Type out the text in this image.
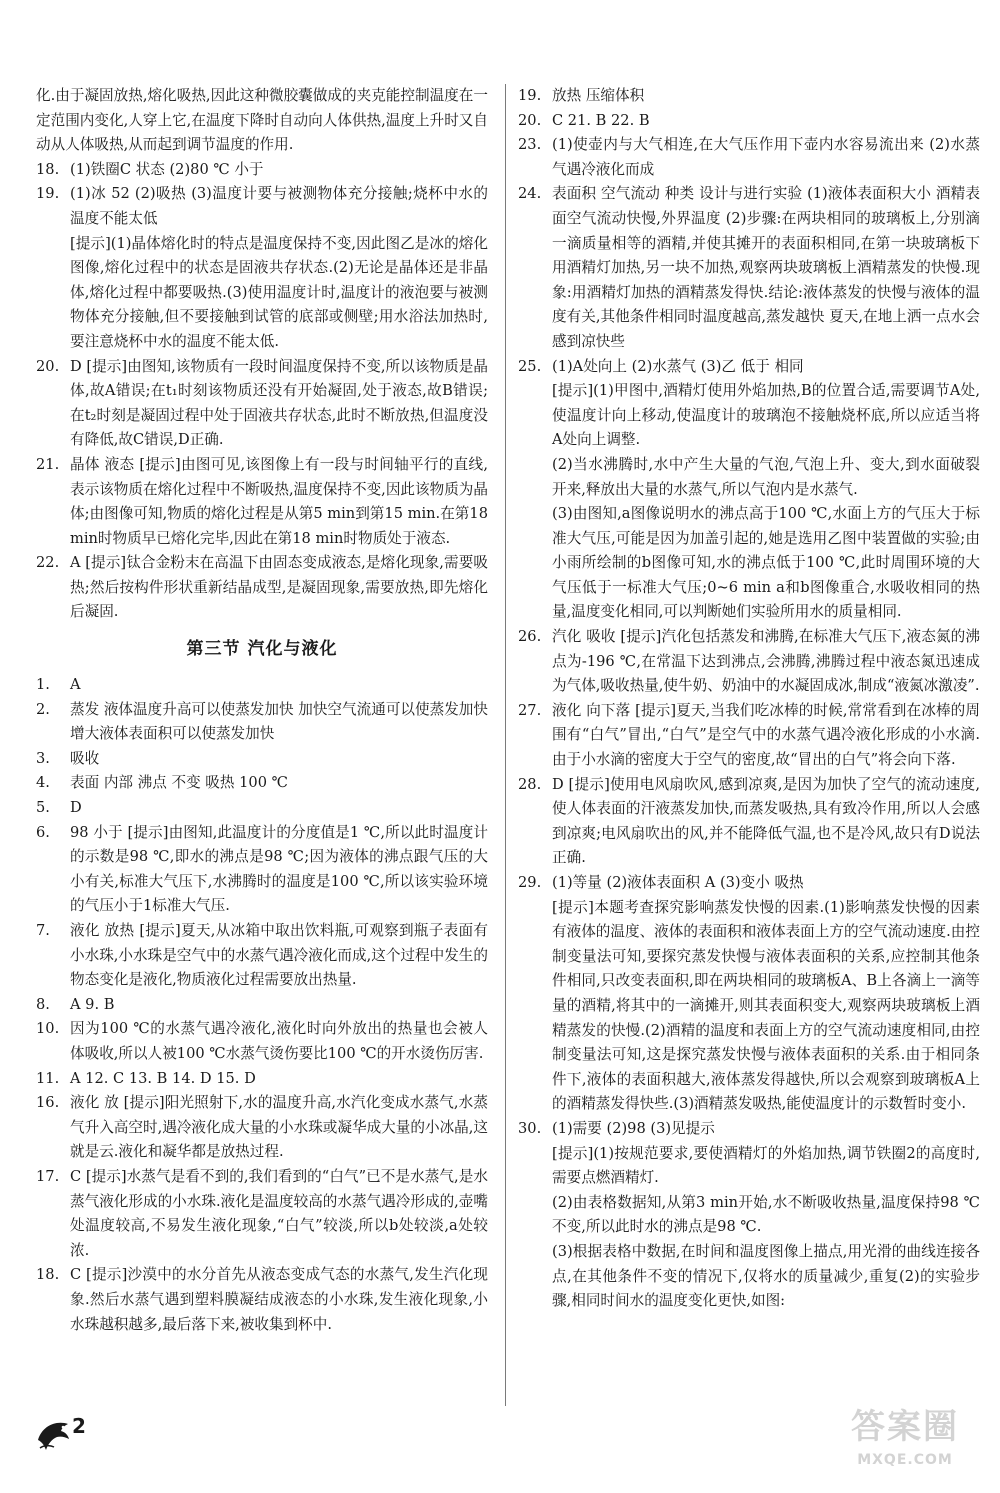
化.由于凝固放热,熔化吸热,因此这种微胶囊做成的夹克能控制温度在一定范围内变化,人穿上它,在温度下降时自动向人体供热,温度上升时又自动从人体吸热,从而起到调节温度的作用.

18. (1)铁圈C 状态 (2)80 ℃ 小于
19. (1)冰 52 (2)吸热 (3)温度计要与被测物体充分接触;烧杯中水的温度不能太低

[提示](1)晶体熔化时的特点是温度保持不变,因此图乙是冰的熔化图像,熔化过程中的状态是固液共存状态.(2)无论是晶体还是非晶体,熔化过程中都要吸热.(3)使用温度计时,温度计的液泡要与被测物体充分接触,但不要接触到试管的底部或侧壁;用水浴法加热时,要注意烧杯中水的温度不能太低.

20. D [提示]由图知,该物质有一段时间温度保持不变,所以该物质是晶体,故A错误;在t₁时刻该物质还没有开始凝固,处于液态,故B错误;在t₂时刻是凝固过程中处于固液共存状态,此时不断放热,但温度没有降低,故C错误,D正确.
21. 晶体 液态 [提示]由图可见,该图像上有一段与时间轴平行的直线,表示该物质在熔化过程中不断吸热,温度保持不变,因此该物质为晶体;由图像可知,物质的熔化过程是从第5 min到第15 min.在第18 min时物质早已熔化完毕,因此在第18 min时物质处于液态.
22. A [提示]钛合金粉末在高温下由固态变成液态,是熔化现象,需要吸热;然后按构件形状重新结晶成型,是凝固现象,需要放热,即先熔化后凝固.
第三节 汽化与液化
1.	A
2.	蒸发 液体温度升高可以使蒸发加快 加快空气流通可以使蒸发加快 增大液体表面积可以使蒸发加快
3.	吸收
4.	表面 内部 沸点 不变 吸热 100 ℃
5.	D
6.	98 小于 [提示]由图知,此温度计的分度值是1 ℃,所以此时温度计的示数是98 ℃,即水的沸点是98 ℃;因为液体的沸点跟气压的大小有关,标准大气压下,水沸腾时的温度是100 ℃,所以该实验环境的气压小于1标准大气压.
7.	液化 放热 [提示]夏天,从冰箱中取出饮料瓶,可观察到瓶子表面有小水珠,小水珠是空气中的水蒸气遇冷液化而成,这个过程中发生的物态变化是液化,物质液化过程需要放出热量.
8.	A 9. B
10. 因为100 ℃的水蒸气遇冷液化,液化时向外放出的热量也会被人体吸收,所以人被100 ℃水蒸气烫伤要比100 ℃的开水烫伤厉害.
11. A 12. C 13. B 14. D 15. D
16. 液化 放 [提示]阳光照射下,水的温度升高,水汽化变成水蒸气,水蒸气升入高空时,遇冷液化成大量的小水珠或凝华成大量的小冰晶,这就是云.液化和凝华都是放热过程.
17. C [提示]水蒸气是看不到的,我们看到的“白气”已不是水蒸气,是水蒸气液化形成的小水珠.液化是温度较高的水蒸气遇冷形成的,壶嘴处温度较高,不易发生液化现象,“白气”较淡,所以b处较淡,a处较浓.
18. C [提示]沙漠中的水分首先从液态变成气态的水蒸气,发生汽化现象.然后水蒸气遇到塑料膜凝结成液态的小水珠,发生液化现象,小水珠越积越多,最后落下来,被收集到杯中.
19. 放热 压缩体积
20. C 21. B 22. B
23. (1)使壶内与大气相连,在大气压作用下壶内水容易流出来 (2)水蒸气遇冷液化而成
24. 表面积 空气流动 种类 设计与进行实验 (1)液体表面积大小 酒精表面空气流动快慢,外界温度 (2)步骤:在两块相同的玻璃板上,分别滴一滴质量相等的酒精,并使其摊开的表面积相同,在第一块玻璃板下用酒精灯加热,另一块不加热,观察两块玻璃板上酒精蒸发的快慢.现象:用酒精灯加热的酒精蒸发得快.结论:液体蒸发的快慢与液体的温度有关,其他条件相同时温度越高,蒸发越快 夏天,在地上洒一点水会感到凉快些
25. (1)A处向上 (2)水蒸气 (3)乙 低于 相同

[提示](1)甲图中,酒精灯使用外焰加热,B的位置合适,需要调节A处,使温度计向上移动,使温度计的玻璃泡不接触烧杯底,所以应适当将A处向上调整.

(2)当水沸腾时,水中产生大量的气泡,气泡上升、变大,到水面破裂开来,释放出大量的水蒸气,所以气泡内是水蒸气.

(3)由图知,a图像说明水的沸点高于100 ℃,水面上方的气压大于标准大气压,可能是因为加盖引起的,她是选用乙图中装置做的实验;由小雨所绘制的b图像可知,水的沸点低于100 ℃,此时周围环境的大气压低于一标准大气压;0~6 min a和b图像重合,水吸收相同的热量,温度变化相同,可以判断她们实验所用水的质量相同.

26. 汽化 吸收 [提示]汽化包括蒸发和沸腾,在标准大气压下,液态氮的沸点为-196 ℃,在常温下达到沸点,会沸腾,沸腾过程中液态氮迅速成为气体,吸收热量,使牛奶、奶油中的水凝固成冰,制成“液氮冰激凌”.
27. 液化 向下落 [提示]夏天,当我们吃冰棒的时候,常常看到在冰棒的周围有“白气”冒出,“白气”是空气中的水蒸气遇冷液化形成的小水滴.由于小水滴的密度大于空气的密度,故“冒出的白气”将会向下落.
28. D [提示]使用电风扇吹风,感到凉爽,是因为加快了空气的流动速度,使人体表面的汗液蒸发加快,而蒸发吸热,具有致冷作用,所以人会感到凉爽;电风扇吹出的风,并不能降低气温,也不是冷风,故只有D说法正确.
29. (1)等量 (2)液体表面积 A (3)变小 吸热

[提示]本题考查探究影响蒸发快慢的因素.(1)影响蒸发快慢的因素有液体的温度、液体的表面积和液体表面上方的空气流动速度.由控制变量法可知,要探究蒸发快慢与液体表面积的关系,应控制其他条件相同,只改变表面积,即在两块相同的玻璃板A、B上各滴上一滴等量的酒精,将其中的一滴摊开,则其表面积变大,观察两块玻璃板上酒精蒸发的快慢.(2)酒精的温度和表面上方的空气流动速度相同,由控制变量法可知,这是探究蒸发快慢与液体表面积的关系.由于相同条件下,液体的表面积越大,液体蒸发得越快,所以会观察到玻璃板A上的酒精蒸发得快些.(3)酒精蒸发吸热,能使温度计的示数暂时变小.

30. (1)需要 (2)98 (3)见提示

[提示](1)按规范要求,要使酒精灯的外焰加热,调节铁圈2的高度时,需要点燃酒精灯.

(2)由表格数据知,从第3 min开始,水不断吸收热量,温度保持98 ℃不变,所以此时水的沸点是98 ℃.

(3)根据表格中数据,在时间和温度图像上描点,用光滑的曲线连接各点,在其他条件不变的情况下,仅将水的质量减少,重复(2)的实验步骤,相同时间水的温度变化更快,如图:

2	答案圈
MXQE.COM
